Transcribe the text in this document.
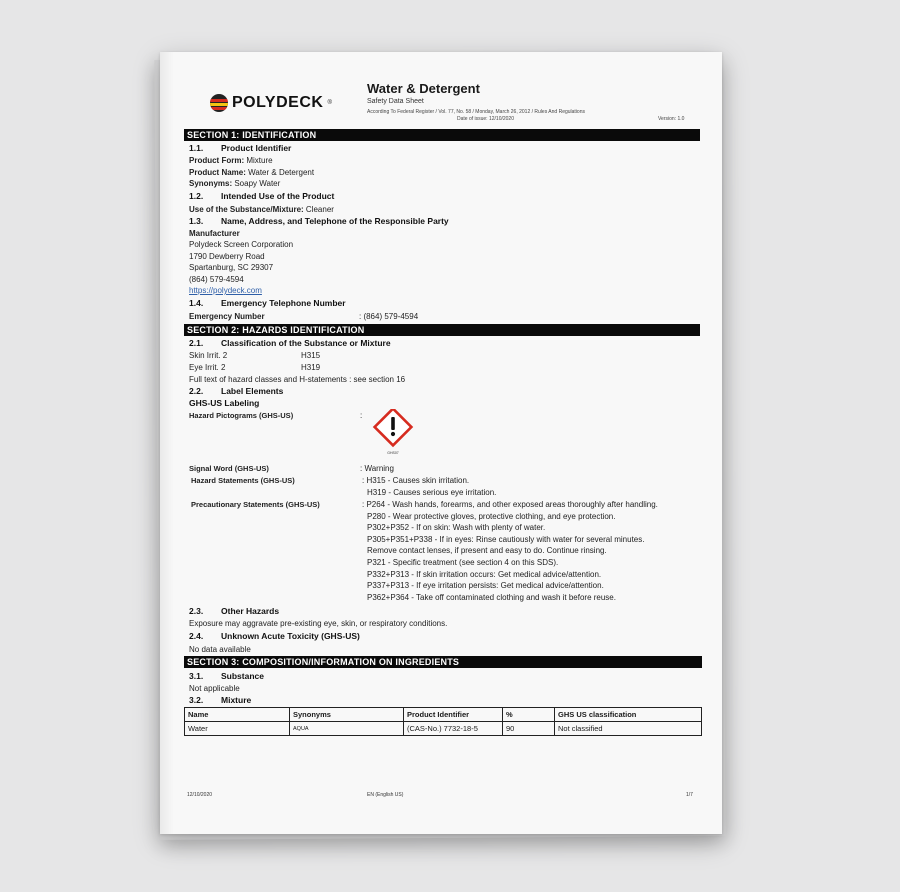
POLYDECK ®
Water & Detergent
Safety Data Sheet
According To Federal Register / Vol. 77, No. 58 / Monday, March 26, 2012 / Rules And Regulations
Date of issue: 12/10/2020	Version: 1.0
SECTION 1: IDENTIFICATION
1.1. Product Identifier
Product Form: Mixture
Product Name: Water & Detergent
Synonyms: Soapy Water
1.2. Intended Use of the Product
Use of the Substance/Mixture: Cleaner
1.3. Name, Address, and Telephone of the Responsible Party
Manufacturer
Polydeck Screen Corporation
1790 Dewberry Road
Spartanburg, SC 29307
(864) 579-4594
https://polydeck.com
1.4. Emergency Telephone Number
Emergency Number	: (864) 579-4594
SECTION 2: HAZARDS IDENTIFICATION
2.1. Classification of the Substance or Mixture
Skin Irrit. 2	H315
Eye Irrit. 2	H319
Full text of hazard classes and H-statements : see section 16
2.2. Label Elements
GHS-US Labeling
Hazard Pictograms (GHS-US)	:
GHS07
Signal Word (GHS-US)	: Warning
Hazard Statements (GHS-US)	: H315 - Causes skin irritation.
H319 - Causes serious eye irritation.
Precautionary Statements (GHS-US)	: P264 - Wash hands, forearms, and other exposed areas thoroughly after handling.
P280 - Wear protective gloves, protective clothing, and eye protection.
P302+P352 - If on skin: Wash with plenty of water.
P305+P351+P338 - If in eyes: Rinse cautiously with water for several minutes.
Remove contact lenses, if present and easy to do. Continue rinsing.
P321 - Specific treatment (see section 4 on this SDS).
P332+P313 - If skin irritation occurs: Get medical advice/attention.
P337+P313 - If eye irritation persists: Get medical advice/attention.
P362+P364 - Take off contaminated clothing and wash it before reuse.
2.3. Other Hazards
Exposure may aggravate pre-existing eye, skin, or respiratory conditions.
2.4. Unknown Acute Toxicity (GHS-US)
No data available
SECTION 3: COMPOSITION/INFORMATION ON INGREDIENTS
3.1. Substance
Not applicable
3.2. Mixture
Name	Synonyms	Product Identifier	%	GHS US classification
Water	AQUA	(CAS-No.) 7732-18-5	90	Not classified
12/10/2020	EN (English US)	1/7
